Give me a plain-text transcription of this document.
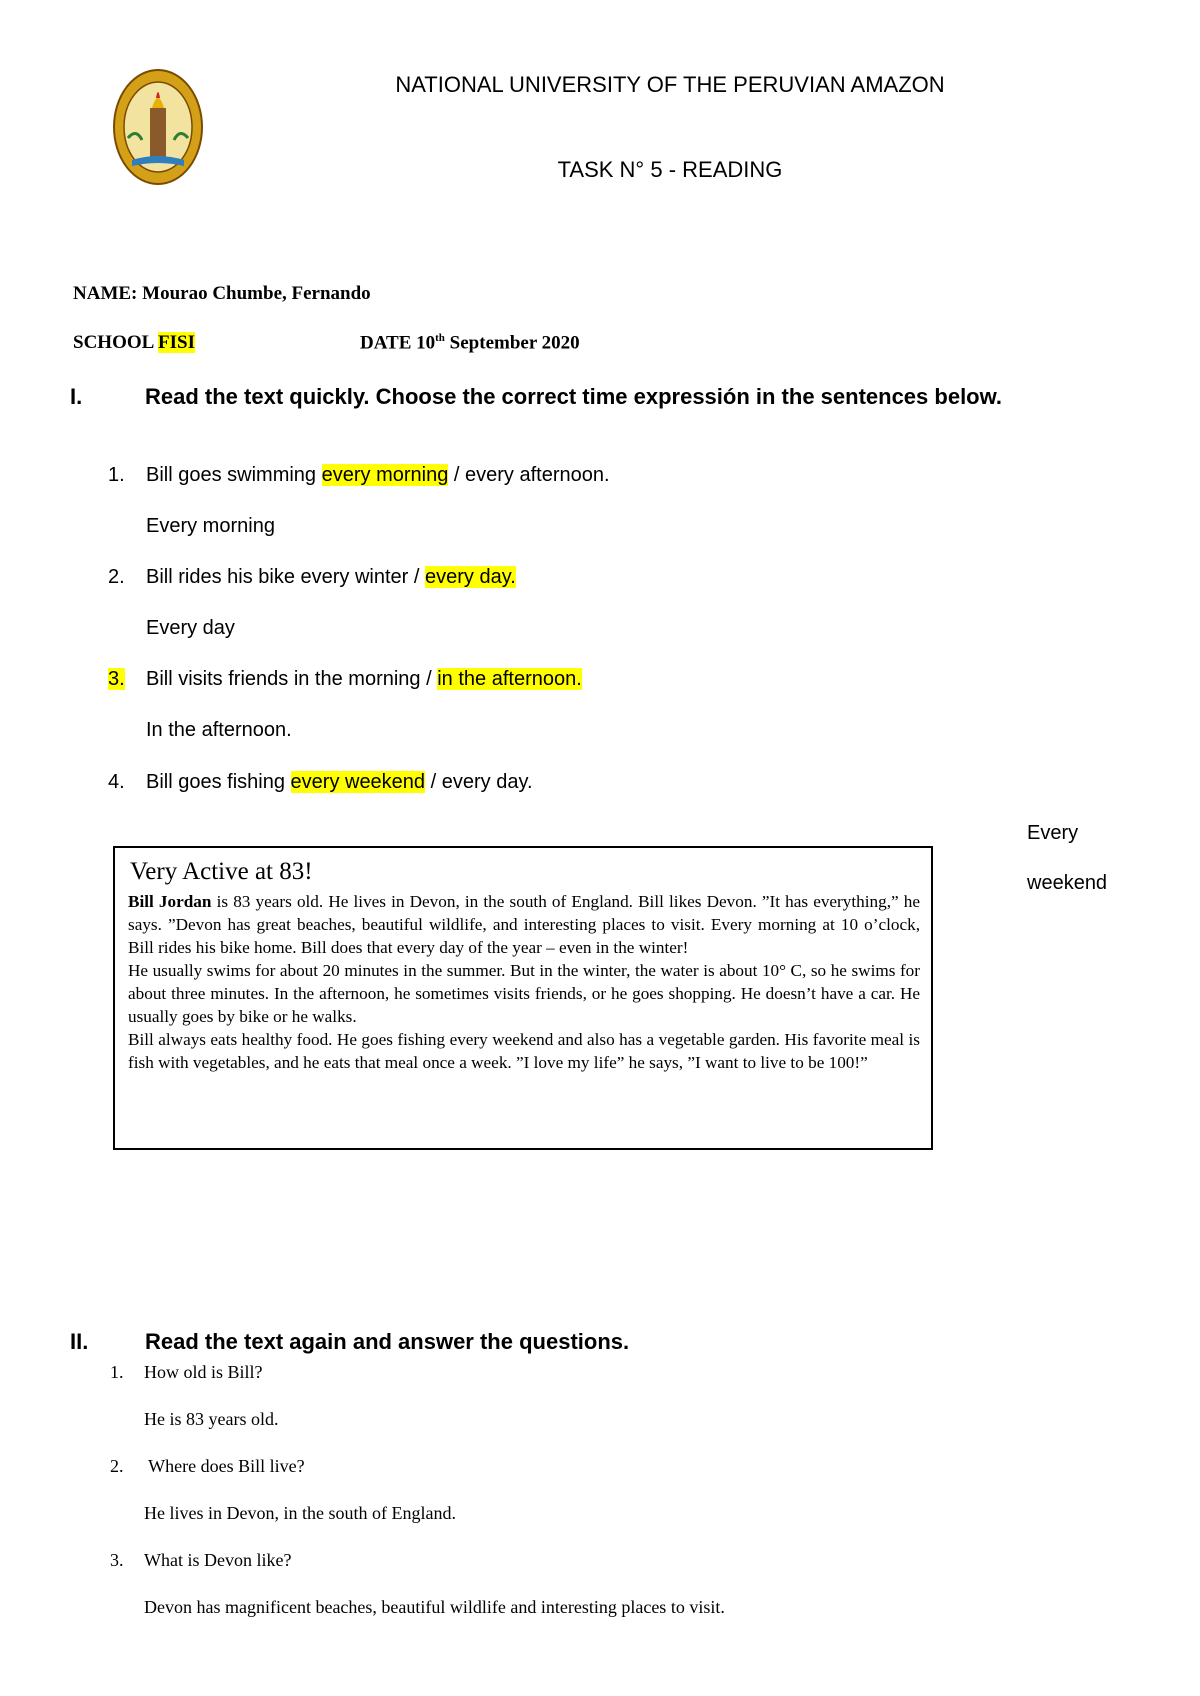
NATIONAL UNIVERSITY OF THE PERUVIAN AMAZON
TASK N° 5 - READING
NAME: Mourao Chumbe, Fernando
SCHOOL FISI	DATE 10th September 2020
I.	Read the text quickly. Choose the correct time expressión in the sentences below.
1. Bill goes swimming every morning / every afternoon.
Every morning
2. Bill rides his bike every winter / every day.
Every day
3. Bill visits friends in the morning / in the afternoon.
In the afternoon.
4. Bill goes fishing every weekend / every day.
Every
weekend
Very Active at 83!
Bill Jordan is 83 years old. He lives in Devon, in the south of England. Bill likes Devon. ”It has everything,” he says. ”Devon has great beaches, beautiful wildlife, and interesting places to visit. Every morning at 10 o’clock, Bill rides his bike home. Bill does that every day of the year – even in the winter!
He usually swims for about 20 minutes in the summer. But in the winter, the water is about 10° C, so he swims for about three minutes. In the afternoon, he sometimes visits friends, or he goes shopping. He doesn’t have a car. He usually goes by bike or he walks.
Bill always eats healthy food. He goes fishing every weekend and also has a vegetable garden. His favorite meal is fish with vegetables, and he eats that meal once a week. ”I love my life” he says, ”I want to live to be 100!”
II.	Read the text again and answer the questions.
1. How old is Bill?
He is 83 years old.
2. Where does Bill live?
He lives in Devon, in the south of England.
3. What is Devon like?
Devon has magnificent beaches, beautiful wildlife and interesting places to visit.
